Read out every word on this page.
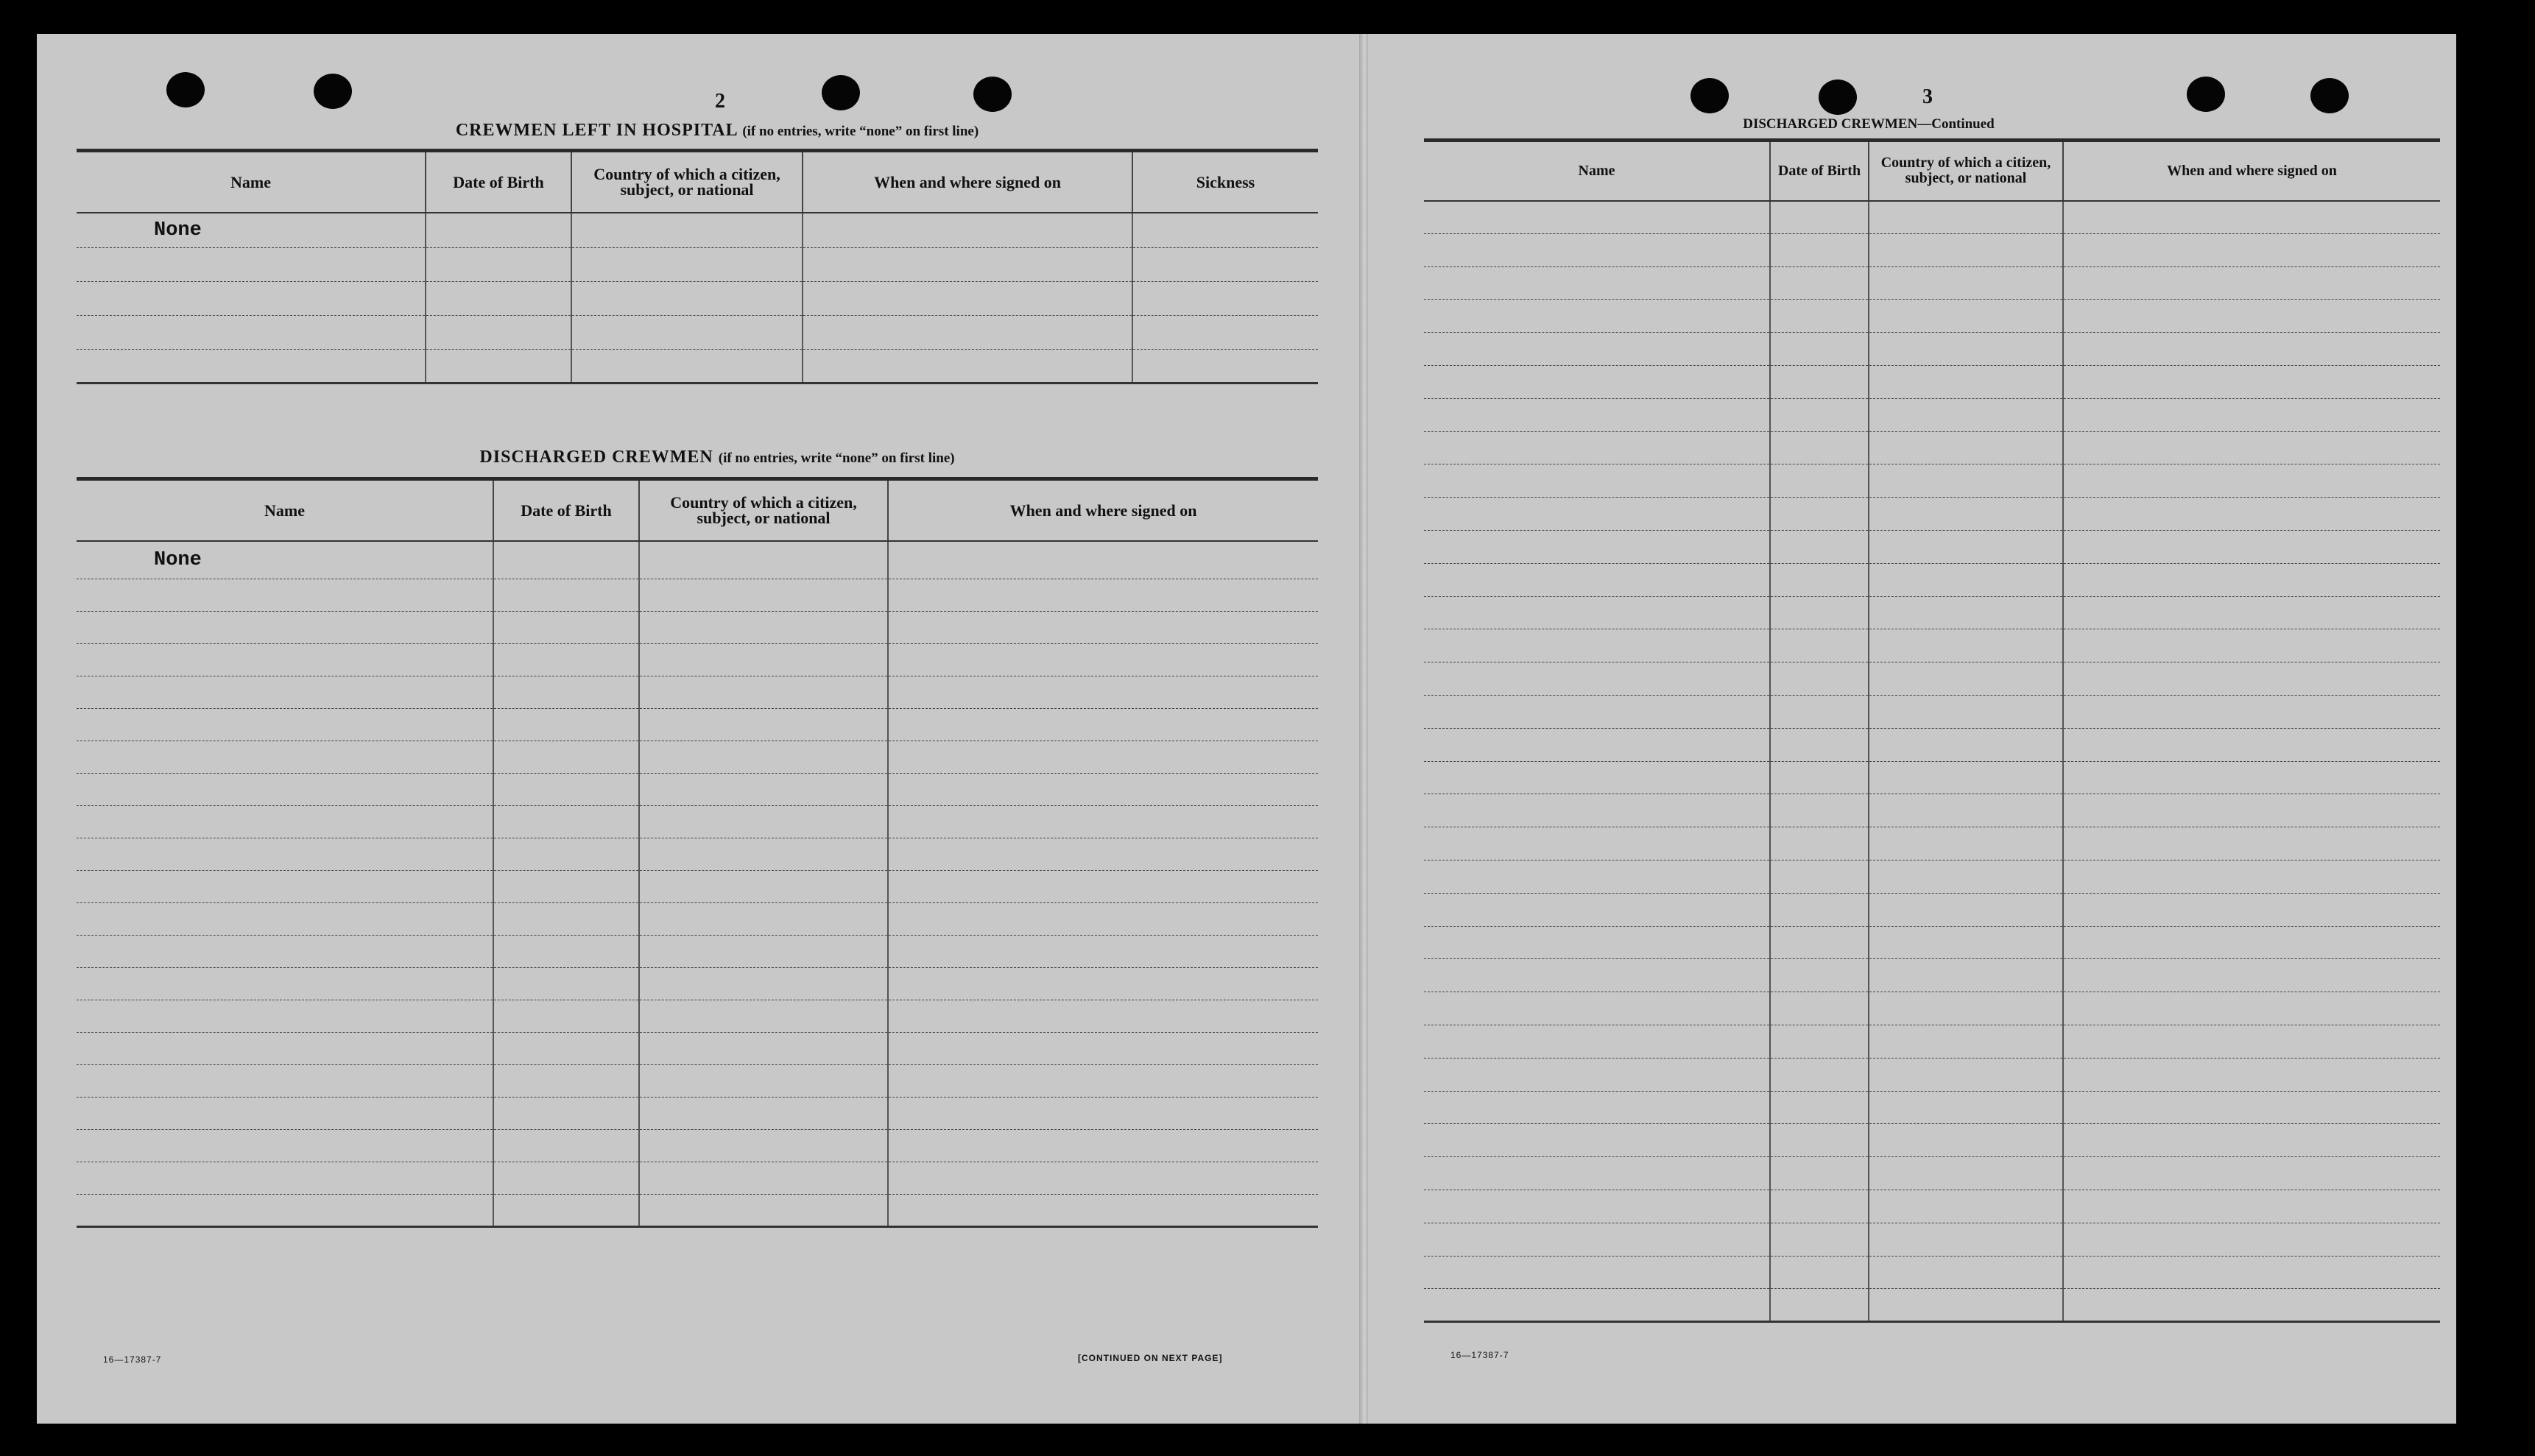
2
CREWMEN LEFT IN HOSPITAL (if no entries, write “none” on first line)
Name	Date of Birth	Country of which a citizen, subject, or national	When and where signed on	Sickness

None				

DISCHARGED CREWMEN (if no entries, write “none” on first line)
Name	Date of Birth	Country of which a citizen, subject, or national	When and where signed on

None			

16—17387-7	[CONTINUED ON NEXT PAGE]
3
DISCHARGED CREWMEN—Continued
Name	Date of Birth	Country of which a citizen, subject, or national	When and where signed on

16—17387-7
